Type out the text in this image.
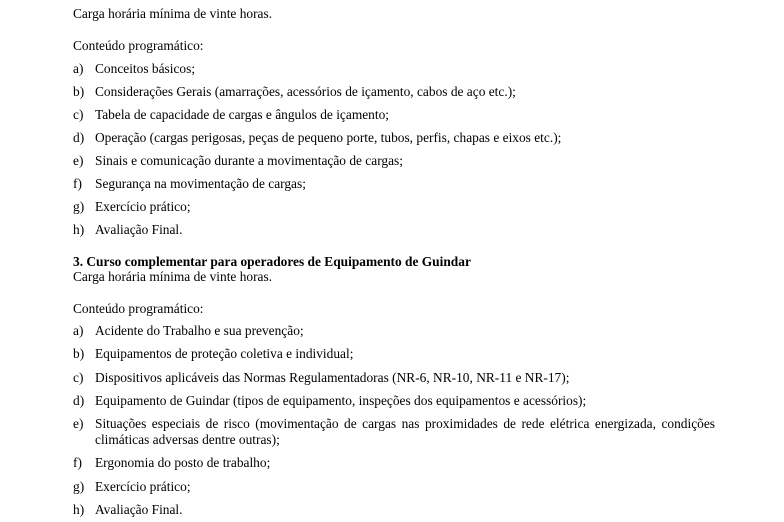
Carga horária mínima de vinte horas.
Conteúdo programático:
a) Conceitos básicos;
b) Considerações Gerais (amarrações, acessórios de içamento, cabos de aço etc.);
c) Tabela de capacidade de cargas e ângulos de içamento;
d) Operação (cargas perigosas, peças de pequeno porte, tubos, perfis, chapas e eixos etc.);
e) Sinais e comunicação durante a movimentação de cargas;
f) Segurança na movimentação de cargas;
g) Exercício prático;
h) Avaliação Final.
3. Curso complementar para operadores de Equipamento de Guindar
Carga horária mínima de vinte horas.
Conteúdo programático:
a) Acidente do Trabalho e sua prevenção;
b) Equipamentos de proteção coletiva e individual;
c) Dispositivos aplicáveis das Normas Regulamentadoras (NR-6, NR-10, NR-11 e NR-17);
d) Equipamento de Guindar (tipos de equipamento, inspeções dos equipamentos e acessórios);
e) Situações especiais de risco (movimentação de cargas nas proximidades de rede elétrica energizada, condições climáticas adversas dentre outras);
f) Ergonomia do posto de trabalho;
g) Exercício prático;
h) Avaliação Final.
